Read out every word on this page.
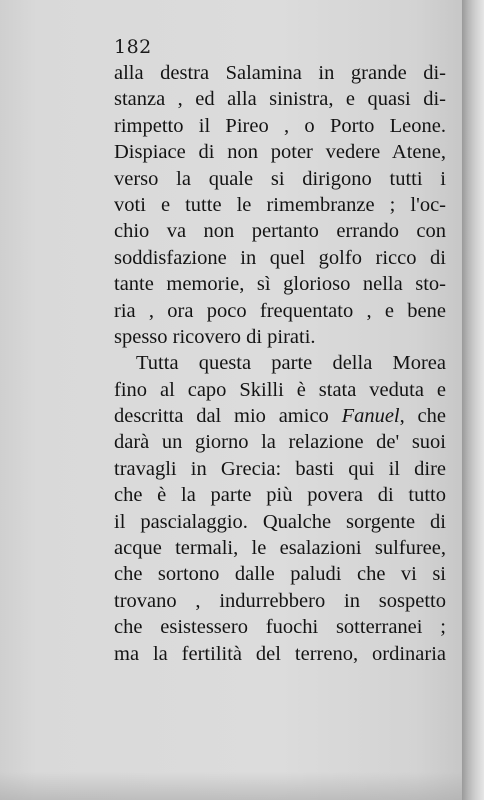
182
alla destra Salamina in grande di-
stanza , ed alla sinistra, e quasi di-
rimpetto il Pireo , o Porto Leone.
Dispiace di non poter vedere Atene,
verso la quale si dirigono tutti i
voti e tutte le rimembranze ; l'oc-
chio va non pertanto errando con
soddisfazione in quel golfo ricco di
tante memorie, sì glorioso nella sto-
ria , ora poco frequentato , e bene
spesso ricovero di pirati.
Tutta questa parte della Morea
fino al capo Skilli è stata veduta e
descritta dal mio amico Fanuel, che
darà un giorno la relazione de' suoi
travagli in Grecia: basti qui il dire
che è la parte più povera di tutto
il pascialaggio. Qualche sorgente di
acque termali, le esalazioni sulfuree,
che sortono dalle paludi che vi si
trovano , indurrebbero in sospetto
che esistessero fuochi sotterranei ;
ma la fertilità del terreno, ordinaria
